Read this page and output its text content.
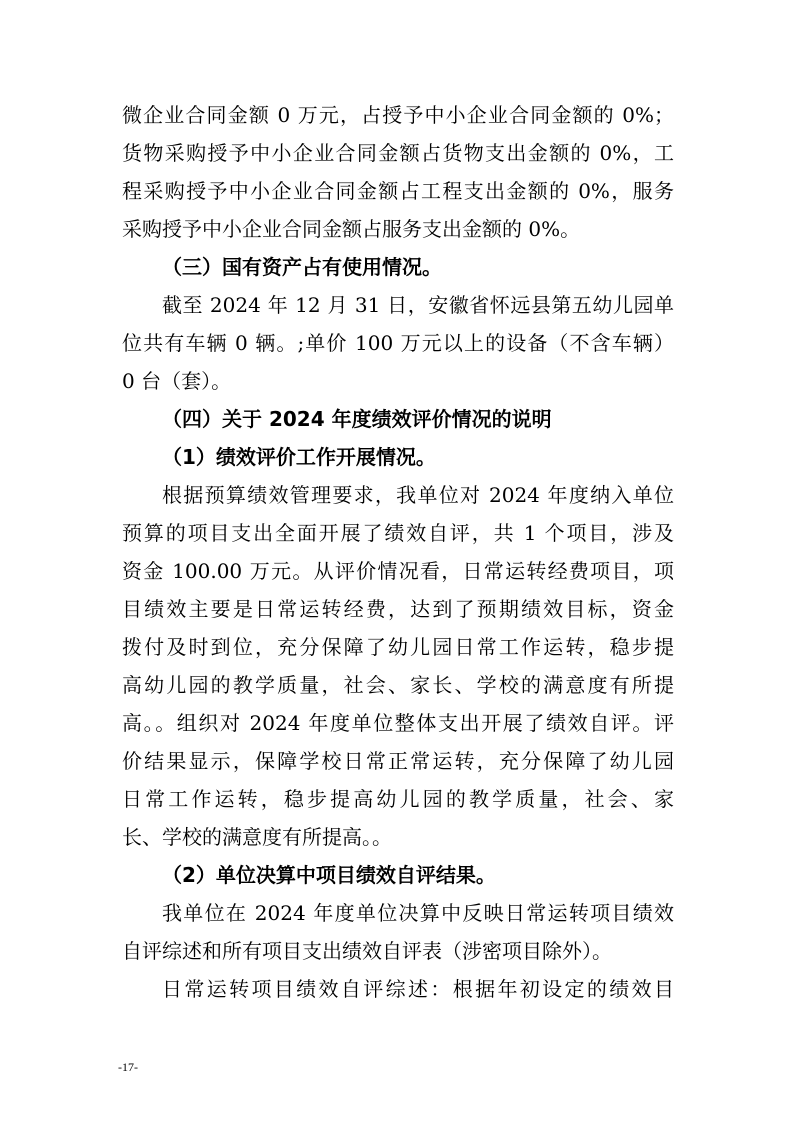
微企业合同金额 0 万元，占授予中小企业合同金额的 0%；
货物采购授予中小企业合同金额占货物支出金额的 0%，工
程采购授予中小企业合同金额占工程支出金额的 0%，服务
采购授予中小企业合同金额占服务支出金额的 0%。
（三）国有资产占有使用情况。
截至 2024 年 12 月 31 日，安徽省怀远县第五幼儿园单
位共有车辆 0 辆。;单价 100 万元以上的设备（不含车辆）
0 台（套）。
（四）关于 2024 年度绩效评价情况的说明
（1）绩效评价工作开展情况。
根据预算绩效管理要求，我单位对 2024 年度纳入单位
预算的项目支出全面开展了绩效自评，共 1 个项目，涉及
资金 100.00 万元。从评价情况看，日常运转经费项目，项
目绩效主要是日常运转经费，达到了预期绩效目标，资金
拨付及时到位，充分保障了幼儿园日常工作运转，稳步提
高幼儿园的教学质量，社会、家长、学校的满意度有所提
高。。组织对 2024 年度单位整体支出开展了绩效自评。评
价结果显示，保障学校日常正常运转，充分保障了幼儿园
日常工作运转，稳步提高幼儿园的教学质量，社会、家
长、学校的满意度有所提高。。
（2）单位决算中项目绩效自评结果。
我单位在 2024 年度单位决算中反映日常运转项目绩效
自评综述和所有项目支出绩效自评表（涉密项目除外）。
日常运转项目绩效自评综述：根据年初设定的绩效目
-17-
